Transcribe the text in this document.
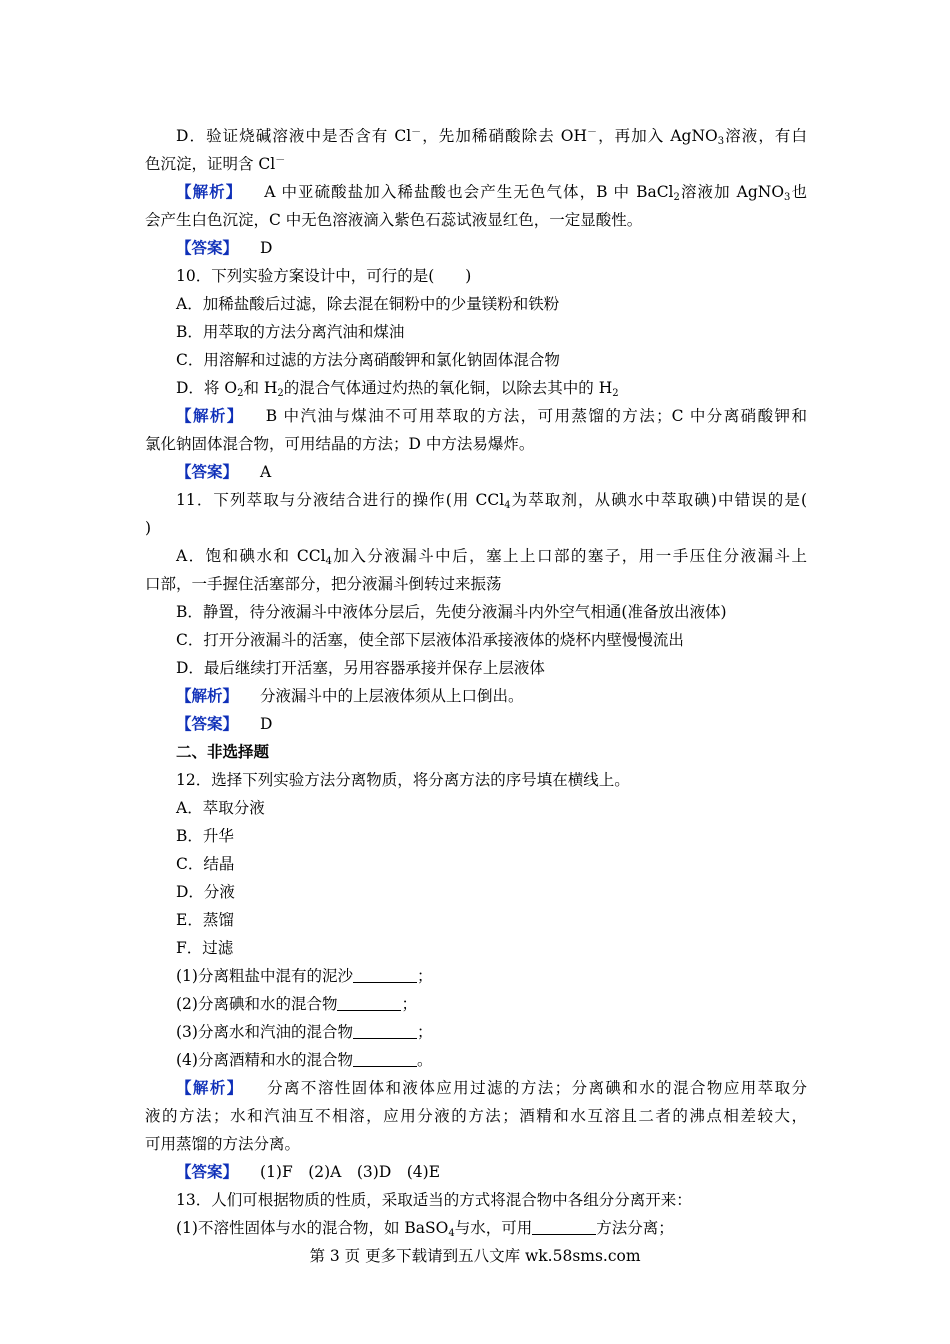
D．验证烧碱溶液中是否含有 Cl－，先加稀硝酸除去 OH－，再加入 AgNO$_3$溶液，有白
色沉淀，证明含 Cl－
【解析】 A 中亚硫酸盐加入稀盐酸也会产生无色气体，B 中 BaCl$_2$溶液加 AgNO$_3$也
会产生白色沉淀，C 中无色溶液滴入紫色石蕊试液显红色，一定显酸性。
【答案】 D
10．下列实验方案设计中，可行的是(　　)
A．加稀盐酸后过滤，除去混在铜粉中的少量镁粉和铁粉
B．用萃取的方法分离汽油和煤油
C．用溶解和过滤的方法分离硝酸钾和氯化钠固体混合物
D．将 $O_2$和 $H_2$的混合气体通过灼热的氧化铜，以除去其中的 $H_2$
【解析】 B 中汽油与煤油不可用萃取的方法，可用蒸馏的方法；C 中分离硝酸钾和
氯化钠固体混合物，可用结晶的方法；D 中方法易爆炸。
【答案】 A
11．下列萃取与分液结合进行的操作(用 CCl$_4$为萃取剂，从碘水中萃取碘)中错误的是(
)
A．饱和碘水和 CCl$_4$加入分液漏斗中后，塞上上口部的塞子，用一手压住分液漏斗上
口部，一手握住活塞部分，把分液漏斗倒转过来振荡
B．静置，待分液漏斗中液体分层后，先使分液漏斗内外空气相通(准备放出液体)
C．打开分液漏斗的活塞，使全部下层液体沿承接液体的烧杯内壁慢慢流出
D．最后继续打开活塞，另用容器承接并保存上层液体
【解析】 分液漏斗中的上层液体须从上口倒出。
【答案】 D
二、非选择题
12．选择下列实验方法分离物质，将分离方法的序号填在横线上。
A．萃取分液
B．升华
C．结晶
D．分液
E．蒸馏
F．过滤
(1)分离粗盐中混有的泥沙	；
(2)分离碘和水的混合物	；
(3)分离水和汽油的混合物	；
(4)分离酒精和水的混合物	。
【解析】 分离不溶性固体和液体应用过滤的方法；分离碘和水的混合物应用萃取分
液的方法；水和汽油互不相溶，应用分液的方法；酒精和水互溶且二者的沸点相差较大，
可用蒸馏的方法分离。
【答案】 (1)F　(2)A　(3)D　(4)E
13．人们可根据物质的性质，采取适当的方式将混合物中各组分分离开来：
(1)不溶性固体与水的混合物，如 BaSO$_4$与水，可用	方法分离；
第 3 页 更多下载请到五八文库 wk.58sms.com
